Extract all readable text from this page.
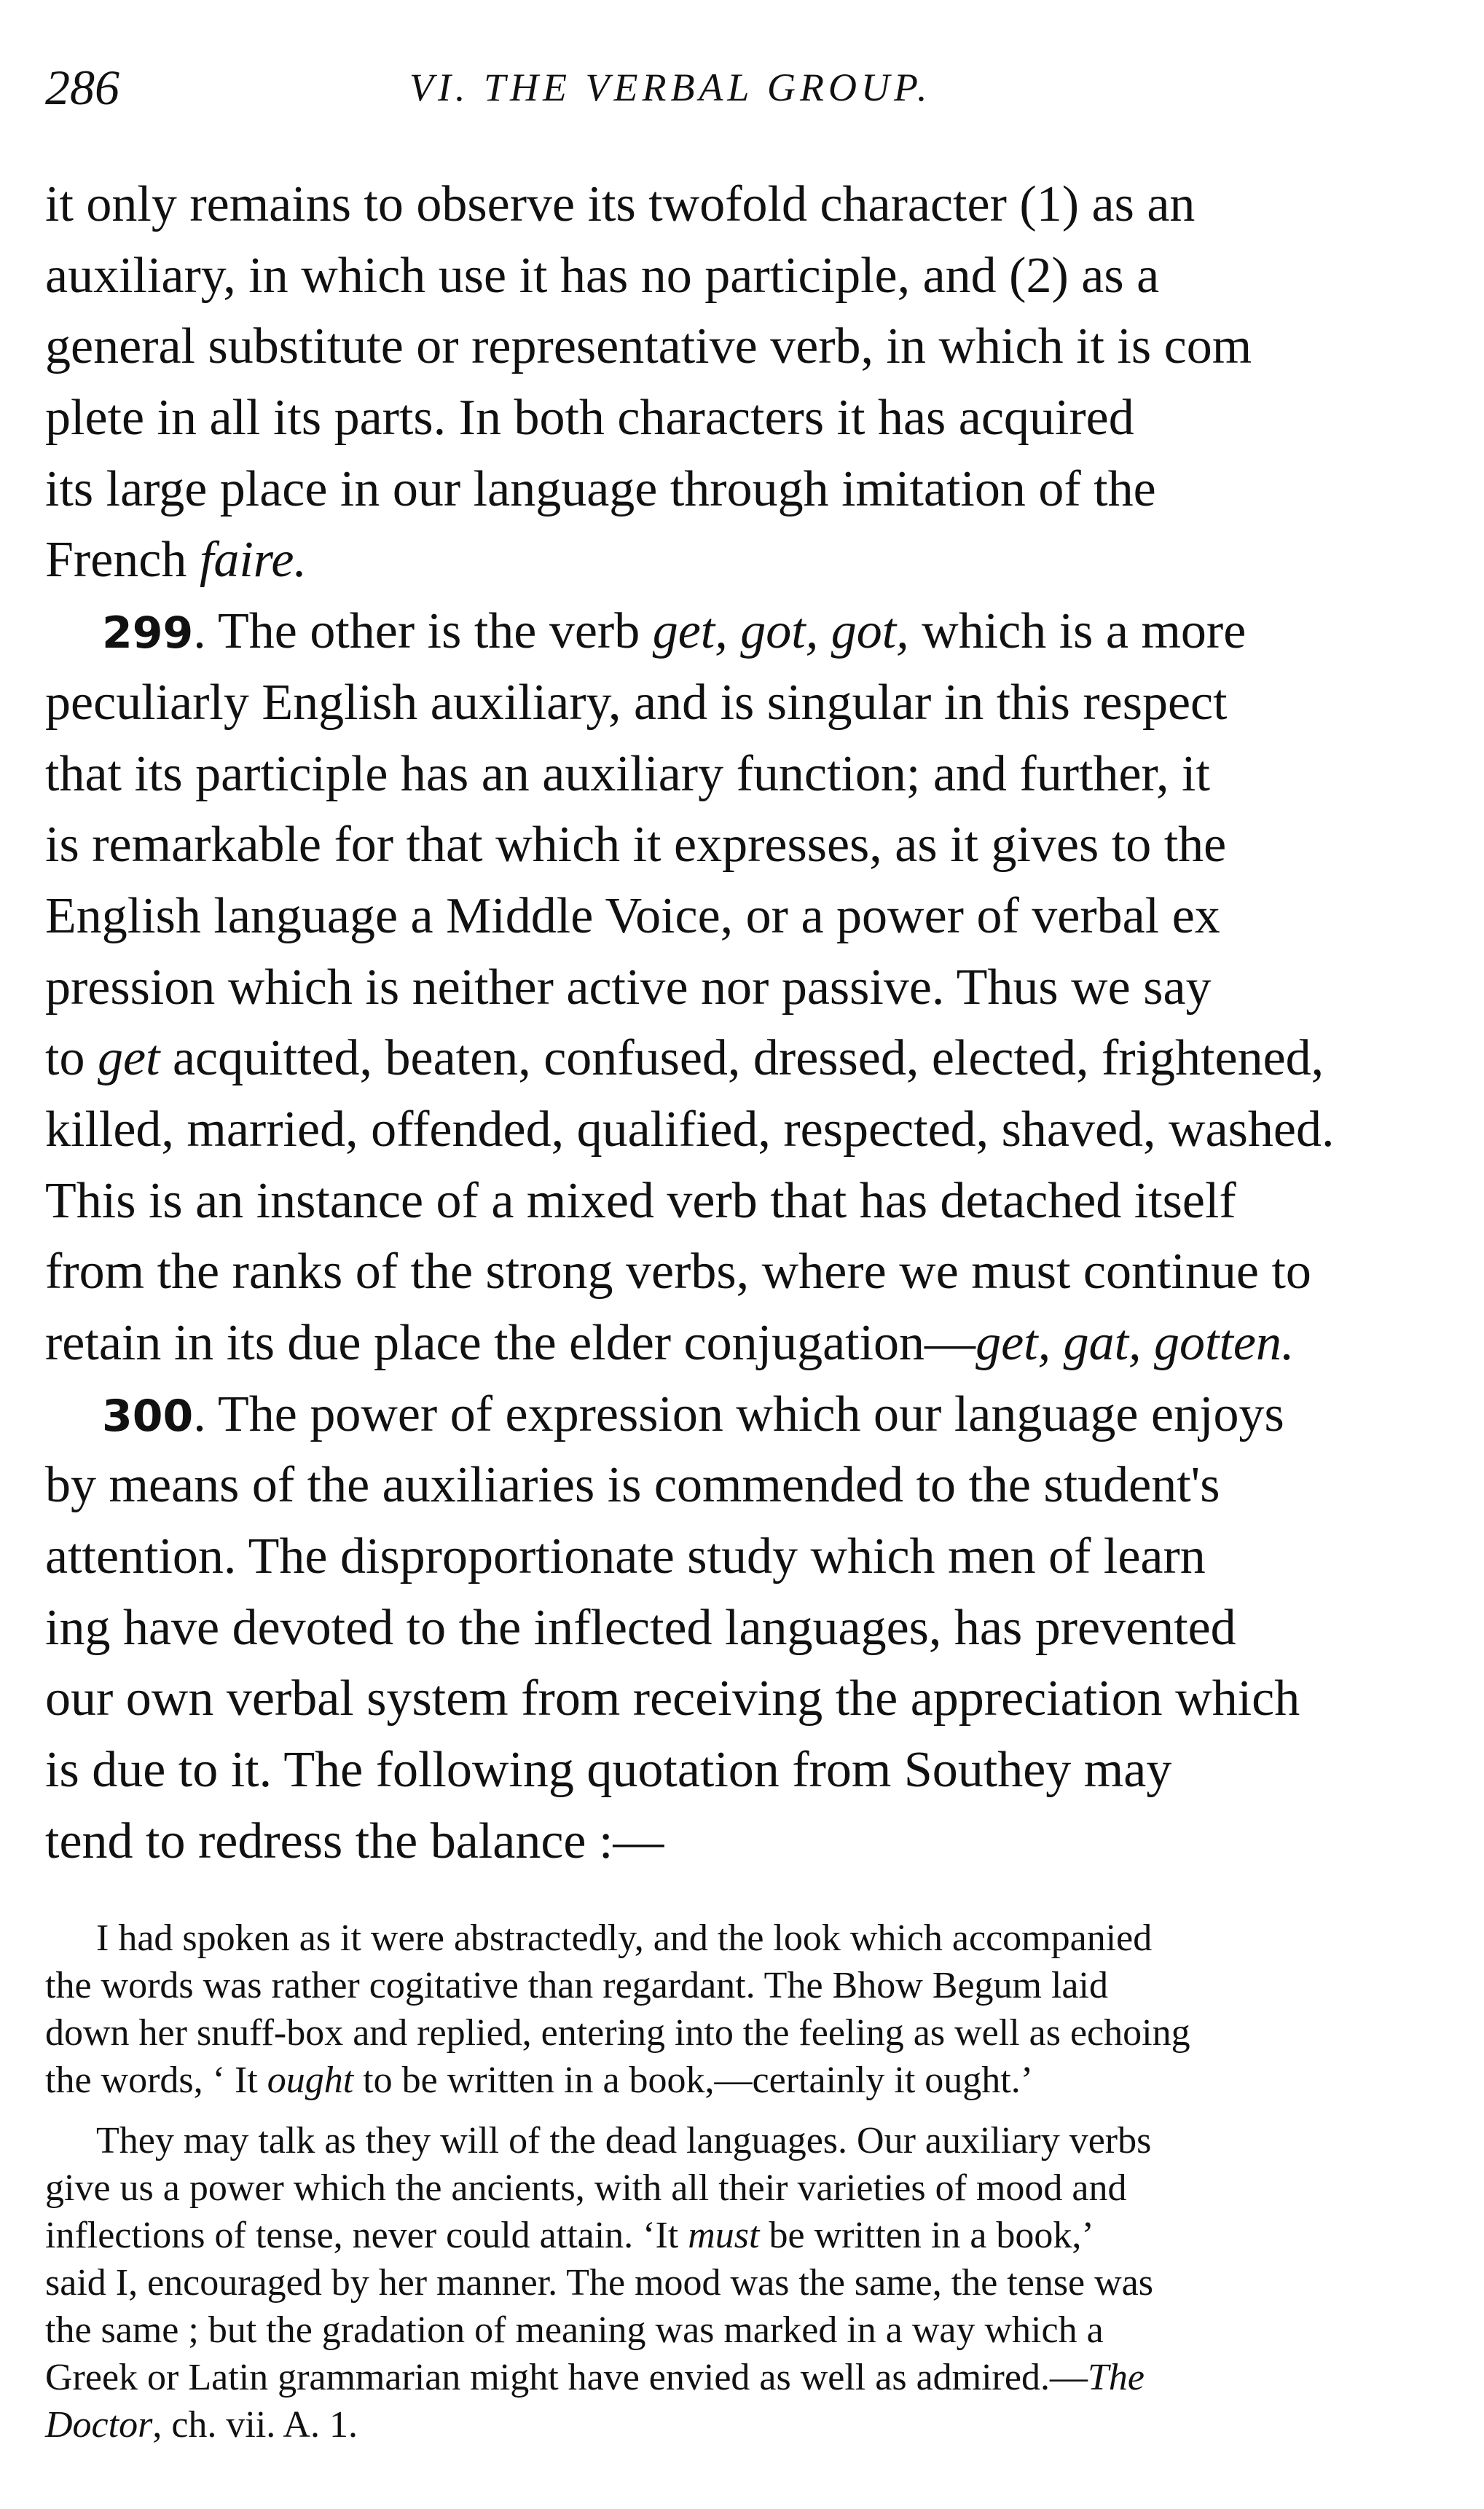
286	VI. THE VERBAL GROUP.
it only remains to observe its twofold character (1) as an
auxiliary, in which use it has no participle, and (2) as a
general substitute or representative verb, in which it is com
plete in all its parts. In both characters it has acquired
its large place in our language through imitation of the
French faire.
299. The other is the verb get, got, got, which is a more
peculiarly English auxiliary, and is singular in this respect
that its participle has an auxiliary function; and further, it
is remarkable for that which it expresses, as it gives to the
English language a Middle Voice, or a power of verbal ex
pression which is neither active nor passive. Thus we say
to get acquitted, beaten, confused, dressed, elected, frightened,
killed, married, offended, qualified, respected, shaved, washed.
This is an instance of a mixed verb that has detached itself
from the ranks of the strong verbs, where we must continue to
retain in its due place the elder conjugation—get, gat, gotten.
300. The power of expression which our language enjoys
by means of the auxiliaries is commended to the student's
attention. The disproportionate study which men of learn
ing have devoted to the inflected languages, has prevented
our own verbal system from receiving the appreciation which
is due to it. The following quotation from Southey may
tend to redress the balance :—
I had spoken as it were abstractedly, and the look which accompanied
the words was rather cogitative than regardant. The Bhow Begum laid
down her snuff-box and replied, entering into the feeling as well as echoing
the words, ‘ It ought to be written in a book,—certainly it ought.’
They may talk as they will of the dead languages. Our auxiliary verbs
give us a power which the ancients, with all their varieties of mood and
inflections of tense, never could attain. ‘It must be written in a book,’
said I, encouraged by her manner. The mood was the same, the tense was
the same ; but the gradation of meaning was marked in a way which a
Greek or Latin grammarian might have envied as well as admired.—The
Doctor, ch. vii. A. 1.
